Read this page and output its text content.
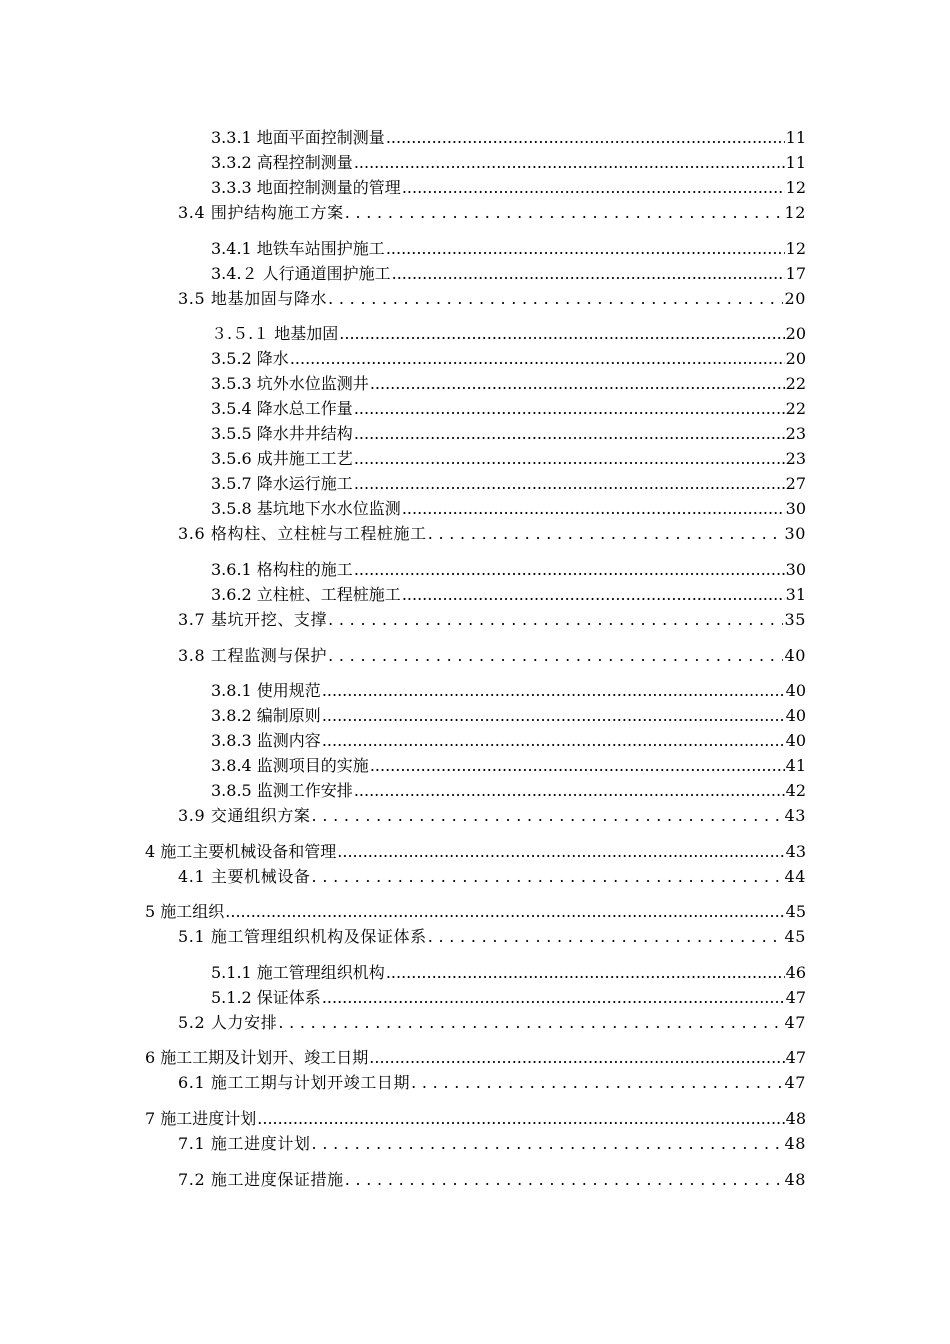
3.3.1 地面平面控制测量 .....	11
3.3.2 高程控制测量 .....	11
3.3.3 地面控制测量的管理 .....	12
3.4 围护结构施工方案 . . .	12
3.4.1 地铁车站围护施工 .....	12
3.4.２ 人行通道围护施工 .....	17
3.5 地基加固与降水 . . .	20
３.５.１ 地基加固 .....	20
3.5.2 降水 .....	20
3.5.3 坑外水位监测井 .....	22
3.5.4 降水总工作量 .....	22
3.5.5 降水井井结构 .....	23
3.5.6 成井施工工艺 .....	23
3.5.7 降水运行施工 .....	27
3.5.8 基坑地下水水位监测 .....	30
3.6 格构柱、立柱桩与工程桩施工 . . .	30
3.6.1 格构柱的施工 .....	30
3.6.2 立柱桩、工程桩施工 .....	31
3.7 基坑开挖、支撑 . . .	35
3.8 工程监测与保护 . . .	40
3.8.1 使用规范 .....	40
3.8.2 编制原则 .....	40
3.8.3 监测内容 .....	40
3.8.4 监测项目的实施 .....	41
3.8.5 监测工作安排 .....	42
3.9 交通组织方案 . . .	43
4 施工主要机械设备和管理 .....	43
4.1 主要机械设备 . . .	44
5 施工组织 .....	45
5.1 施工管理组织机构及保证体系 . . .	45
5.1.1 施工管理组织机构 .....	46
5.1.2 保证体系 .....	47
5.2 人力安排 . . .	47
6 施工工期及计划开、竣工日期 .....	47
6.1 施工工期与计划开竣工日期 . . .	47
7 施工进度计划 .....	48
7.1 施工进度计划 . . .	48
7.2 施工进度保证措施 . . .	48
